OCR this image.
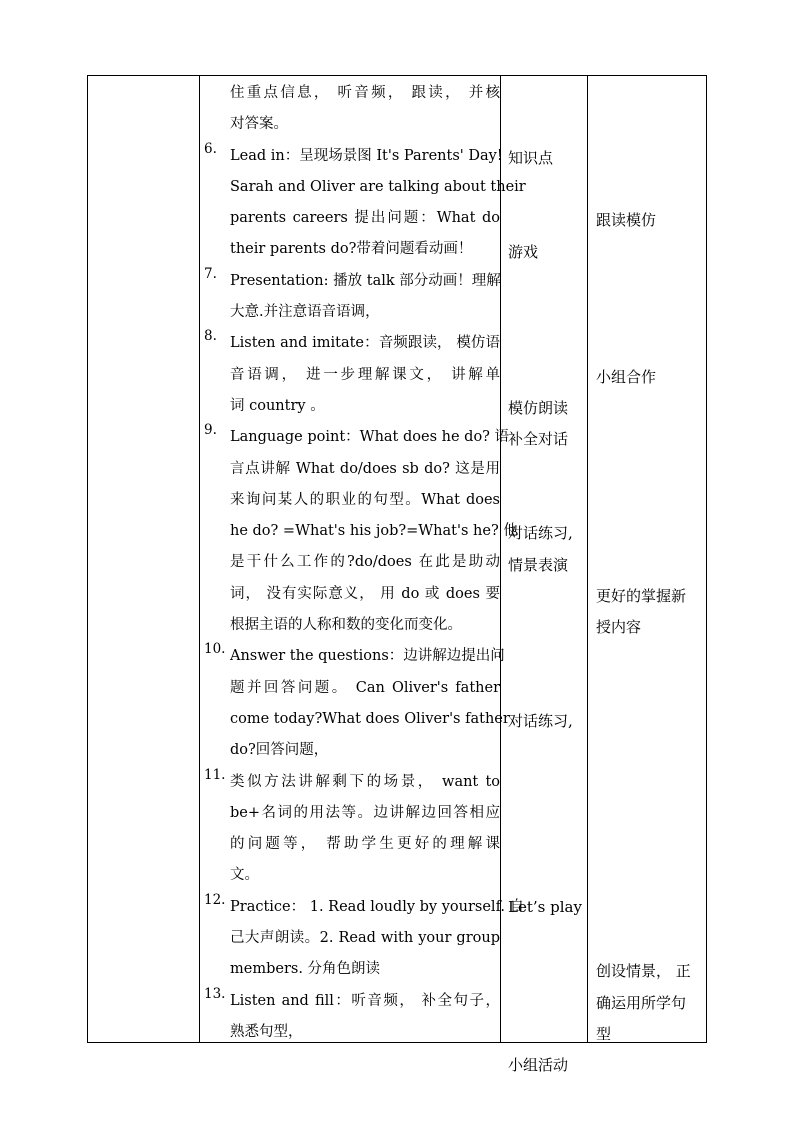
住重点信息， 听音频， 跟读， 并核
对答案。
6. Lead in：呈现场景图 It's Parents' Day!
Sarah and Oliver are talking about their
parents careers 提出问题：What do
their parents do?带着问题看动画！
7. Presentation: 播放 talk 部分动画！理解
大意.并注意语音语调，
8. Listen and imitate：音频跟读， 模仿语
音语调， 进一步理解课文， 讲解单
词 country 。
9. Language point：What does he do? 语
言点讲解 What do/does sb do? 这是用
来询问某人的职业的句型。What does
he do? =What's his job?=What's he? 他
是干什么工作的?do/does 在此是助动
词， 没有实际意义， 用 do 或 does 要
根据主语的人称和数的变化而变化。
10. Answer the questions：边讲解边提出问
题并回答问题。 Can Oliver's father
come today?What does Oliver's father
do?回答问题，
11. 类似方法讲解剩下的场景， want to
be+名词的用法等。边讲解边回答相应
的问题等， 帮助学生更好的理解课
文。
12. Practice： 1. Read loudly by yourself. 自
己大声朗读。2. Read with your group
members. 分角色朗读
13. Listen and fill：听音频， 补全句子，
熟悉句型，
知识点
游戏
模仿朗读
补全对话
对话练习,
情景表演
对话练习,
Let’s play
小组活动
跟读模仿
小组合作
更好的掌握新
授内容
创设情景， 正
确运用所学句
型
